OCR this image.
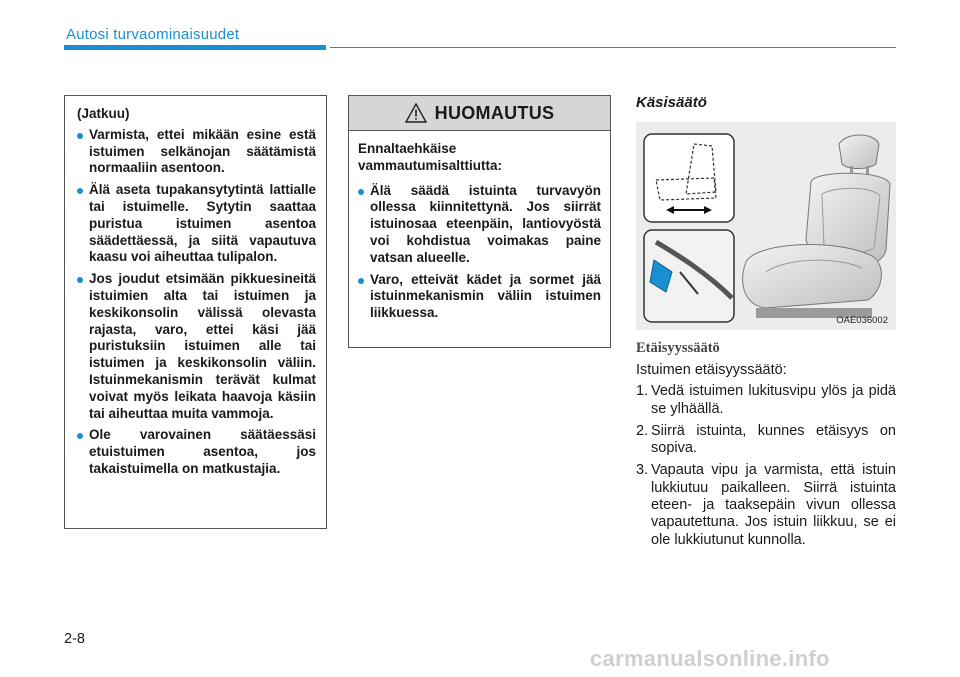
Autosi turvaominaisuudet
(Jatkuu)
Varmista, ettei mikään esine estä istuimen selkänojan säätämistä normaaliin asentoon.
Älä aseta tupakansytytintä lattialle tai istuimelle. Sytytin saattaa puristua istuimen asentoa säädettäessä, ja siitä vapautuva kaasu voi aiheuttaa tulipalon.
Jos joudut etsimään pikkuesineitä istuimien alta tai istuimen ja keskikonsolin välissä olevasta rajasta, varo, ettei käsi jää puristuksiin istuimen alle tai istuimen ja keskikonsolin väliin. Istuinmekanismin terävät kulmat voivat myös leikata haavoja käsiin tai aiheuttaa muita vammoja.
Ole varovainen säätäessäsi etuistuimen asentoa, jos takaistuimella on matkustajia.
HUOMAUTUS
Ennaltaehkäise vammautumisalttiutta:
Älä säädä istuinta turvavyön ollessa kiinnitettynä. Jos siirrät istuinosaa eteenpäin, lantiovyöstä voi kohdistua voimakas paine vatsan alueelle.
Varo, etteivät kädet ja sormet jää istuinmekanismin väliin istuimen liikkuessa.
Käsisäätö
OAE036002
Etäisyyssäätö
Istuimen etäisyyssäätö:
1. Vedä istuimen lukitusvipu ylös ja pidä se ylhäällä.
2. Siirrä istuinta, kunnes etäisyys on sopiva.
3. Vapauta vipu ja varmista, että istuin lukkiutuu paikalleen. Siirrä istuinta eteen- ja taaksepäin vivun ollessa vapautettuna. Jos istuin liikkuu, se ei ole lukkiutunut kunnolla.
2-8
carmanualsonline.info
